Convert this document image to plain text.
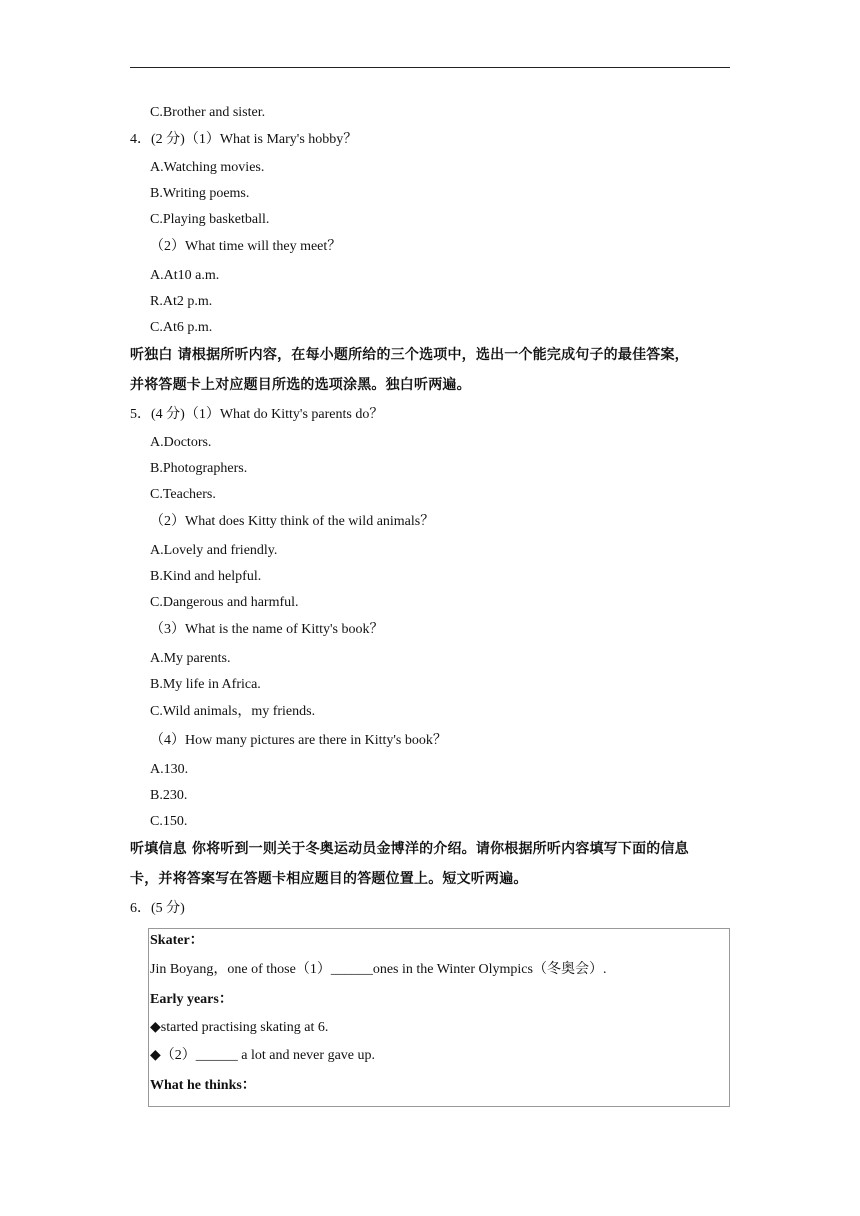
C.Brother and sister.
4．(2 分)（1）What is Mary's hobby？
A.Watching movies.
B.Writing poems.
C.Playing basketball.
（2）What time will they meet？
A.At10 a.m.
R.At2 p.m.
C.At6 p.m.
听独白 请根据所听内容，在每小题所给的三个选项中，选出一个能完成句子的最佳答案，
并将答题卡上对应题目所选的选项涂黑。独白听两遍。
5．(4 分)（1）What do Kitty's parents do？
A.Doctors.
B.Photographers.
C.Teachers.
（2）What does Kitty think of the wild animals？
A.Lovely and friendly.
B.Kind and helpful.
C.Dangerous and harmful.
（3）What is the name of Kitty's book？
A.My parents.
B.My life in Africa.
C.Wild animals，my friends.
（4）How many pictures are there in Kitty's book？
A.130.
B.230.
C.150.
听填信息 你将听到一则关于冬奥运动员金博洋的介绍。请你根据所听内容填写下面的信息
卡，并将答案写在答题卡相应题目的答题位置上。短文听两遍。
6．(5 分)
Skater：
Jin Boyang，one of those（1）______ones in the Winter Olympics（冬奥会）.
Early years：
◆started practising skating at 6.
◆（2）______ a lot and never gave up.
What he thinks：
